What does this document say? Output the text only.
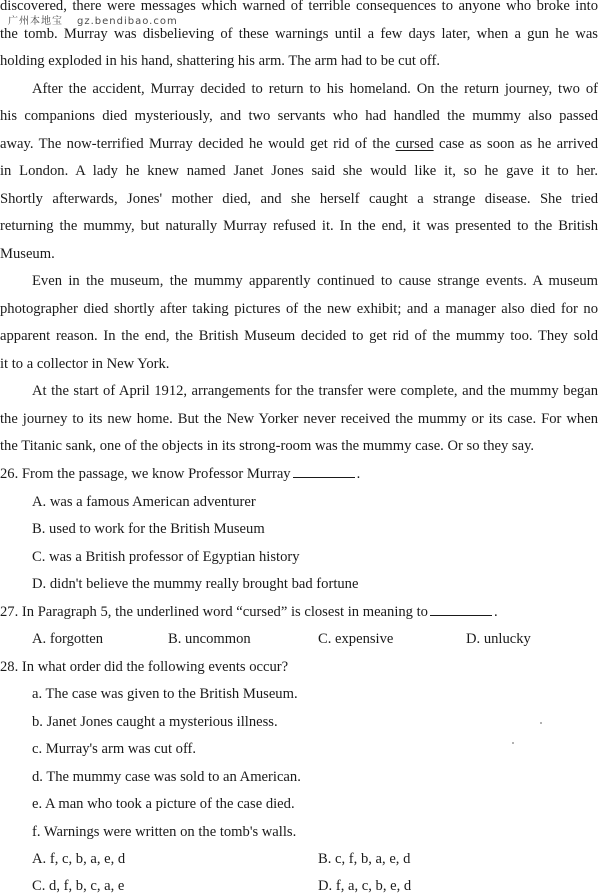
广州本地宝 gz.bendibao.com
discovered, there were messages which warned of terrible consequences to anyone who broke into
the tomb. Murray was disbelieving of these warnings until a few days later, when a gun he was
holding exploded in his hand, shattering his arm. The arm had to be cut off.
After the accident, Murray decided to return to his homeland. On the return journey, two of
his companions died mysteriously, and two servants who had handled the mummy also passed
away. The now-terrified Murray decided he would get rid of the cursed case as soon as he arrived
in London. A lady he knew named Janet Jones said she would like it, so he gave it to her.
Shortly afterwards, Jones' mother died, and she herself caught a strange disease. She tried
returning the mummy, but naturally Murray refused it. In the end, it was presented to the British
Museum.
Even in the museum, the mummy apparently continued to cause strange events. A museum
photographer died shortly after taking pictures of the new exhibit; and a manager also died for no
apparent reason. In the end, the British Museum decided to get rid of the mummy too. They sold
it to a collector in New York.
At the start of April 1912, arrangements for the transfer were complete, and the mummy began
the journey to its new home. But the New Yorker never received the mummy or its case. For when
the Titanic sank, one of the objects in its strong-room was the mummy case. Or so they say.
26. From the passage, we know Professor Murray	.
A. was a famous American adventurer
B. used to work for the British Museum
C. was a British professor of Egyptian history
D. didn't believe the mummy really brought bad fortune
27. In Paragraph 5, the underlined word “cursed” is closest in meaning to	.
A. forgotten	B. uncommon	C. expensive	D. unlucky
28. In what order did the following events occur?
a. The case was given to the British Museum.
b. Janet Jones caught a mysterious illness.
c. Murray's arm was cut off.
d. The mummy case was sold to an American.
e. A man who took a picture of the case died.
f. Warnings were written on the tomb's walls.
A. f, c, b, a, e, d	B. c, f, b, a, e, d
C. d, f, b, c, a, e	D. f, a, c, b, e, d
